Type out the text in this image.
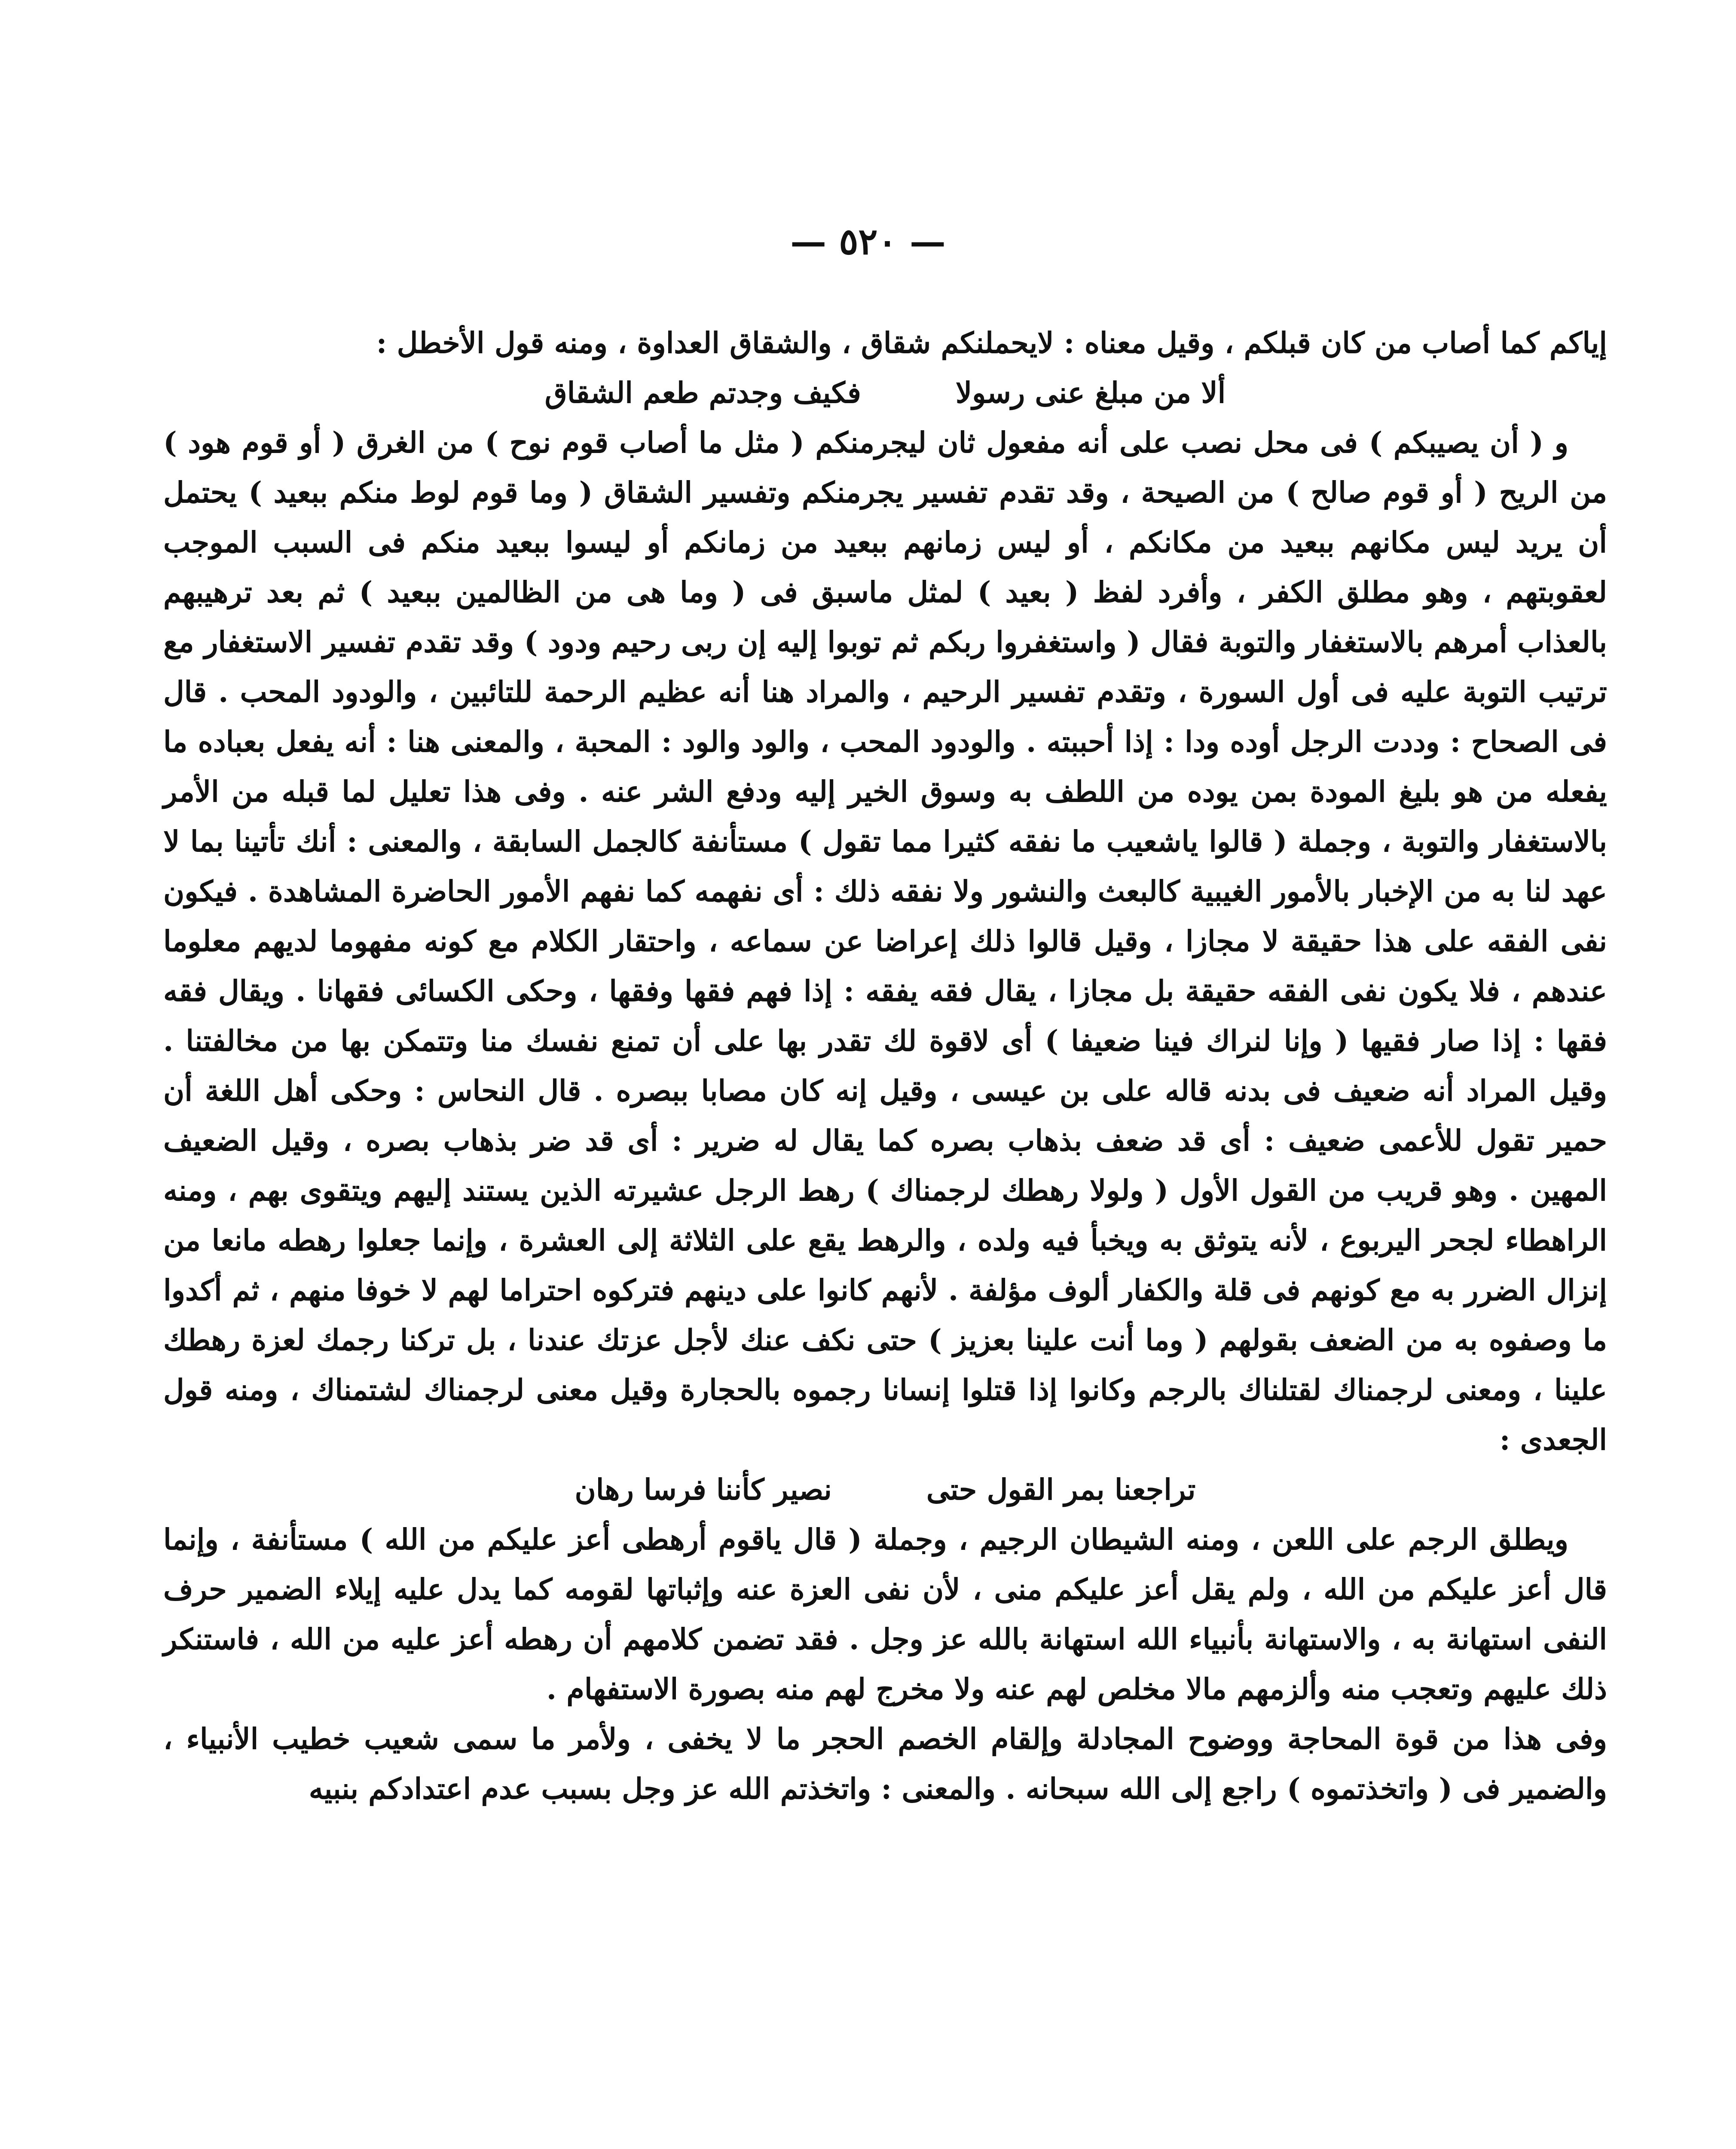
— ٥٢٠ —

إياكم كما أصاب من كان قبلكم ، وقيل معناه : لايحملنكم شقاق ، والشقاق العداوة ، ومنه قول الأخطل :

ألا من مبلغ عنى رسولا
فكيف وجدتم طعم الشقاق

و ( أن يصيبكم ) فى محل نصب على أنه مفعول ثان ليجرمنكم ( مثل ما أصاب قوم نوح ) من الغرق ( أو قوم هود ) من الريح ( أو قوم صالح ) من الصيحة ، وقد تقدم تفسير يجرمنكم وتفسير الشقاق ( وما قوم لوط منكم ببعيد ) يحتمل أن يريد ليس مكانهم ببعيد من مكانكم ، أو ليس زمانهم ببعيد من زمانكم أو ليسوا ببعيد منكم فى السبب الموجب لعقوبتهم ، وهو مطلق الكفر ، وأفرد لفظ ( بعيد ) لمثل ماسبق فى ( وما هى من الظالمين ببعيد ) ثم بعد ترهيبهم بالعذاب أمرهم بالاستغفار والتوبة فقال ( واستغفروا ربكم ثم توبوا إليه إن ربى رحيم ودود ) وقد تقدم تفسير الاستغفار مع ترتيب التوبة عليه فى أول السورة ، وتقدم تفسير الرحيم ، والمراد هنا أنه عظيم الرحمة للتائبين ، والودود المحب . قال فى الصحاح : وددت الرجل أوده ودا : إذا أحببته . والودود المحب ، والود والود : المحبة ، والمعنى هنا : أنه يفعل بعباده ما يفعله من هو بليغ المودة بمن يوده من اللطف به وسوق الخير إليه ودفع الشر عنه . وفى هذا تعليل لما قبله من الأمر بالاستغفار والتوبة ، وجملة ( قالوا ياشعيب ما نفقه كثيرا مما تقول ) مستأنفة كالجمل السابقة ، والمعنى : أنك تأتينا بما لا عهد لنا به من الإخبار بالأمور الغيبية كالبعث والنشور ولا نفقه ذلك : أى نفهمه كما نفهم الأمور الحاضرة المشاهدة . فيكون نفى الفقه على هذا حقيقة لا مجازا ، وقيل قالوا ذلك إعراضا عن سماعه ، واحتقار الكلام مع كونه مفهوما لديهم معلوما عندهم ، فلا يكون نفى الفقه حقيقة بل مجازا ، يقال فقه يفقه : إذا فهم فقها وفقها ، وحكى الكسائى فقهانا . ويقال فقه فقها : إذا صار فقيها ( وإنا لنراك فينا ضعيفا ) أى لاقوة لك تقدر بها على أن تمنع نفسك منا وتتمكن بها من مخالفتنا . وقيل المراد أنه ضعيف فى بدنه قاله على بن عيسى ، وقيل إنه كان مصابا ببصره . قال النحاس : وحكى أهل اللغة أن حمير تقول للأعمى ضعيف : أى قد ضعف بذهاب بصره كما يقال له ضرير : أى قد ضر بذهاب بصره ، وقيل الضعيف المهين . وهو قريب من القول الأول ( ولولا رهطك لرجمناك ) رهط الرجل عشيرته الذين يستند إليهم ويتقوى بهم ، ومنه الراهطاء لجحر اليربوع ، لأنه يتوثق به ويخبأ فيه ولده ، والرهط يقع على الثلاثة إلى العشرة ، وإنما جعلوا رهطه مانعا من إنزال الضرر به مع كونهم فى قلة والكفار ألوف مؤلفة . لأنهم كانوا على دينهم فتركوه احتراما لهم لا خوفا منهم ، ثم أكدوا ما وصفوه به من الضعف بقولهم ( وما أنت علينا بعزيز ) حتى نكف عنك لأجل عزتك عندنا ، بل تركنا رجمك لعزة رهطك علينا ، ومعنى لرجمناك لقتلناك بالرجم وكانوا إذا قتلوا إنسانا رجموه بالحجارة وقيل معنى لرجمناك لشتمناك ، ومنه قول الجعدى :

تراجعنا بمر القول حتى
نصير كأننا فرسا رهان

ويطلق الرجم على اللعن ، ومنه الشيطان الرجيم ، وجملة ( قال ياقوم أرهطى أعز عليكم من الله ) مستأنفة ، وإنما قال أعز عليكم من الله ، ولم يقل أعز عليكم منى ، لأن نفى العزة عنه وإثباتها لقومه كما يدل عليه إيلاء الضمير حرف النفى استهانة به ، والاستهانة بأنبياء الله استهانة بالله عز وجل . فقد تضمن كلامهم أن رهطه أعز عليه من الله ، فاستنكر ذلك عليهم وتعجب منه وألزمهم مالا مخلص لهم عنه ولا مخرج لهم منه بصورة الاستفهام .

وفى هذا من قوة المحاجة ووضوح المجادلة وإلقام الخصم الحجر ما لا يخفى ، ولأمر ما سمى شعيب خطيب الأنبياء ، والضمير فى ( واتخذتموه ) راجع إلى الله سبحانه . والمعنى : واتخذتم الله عز وجل بسبب عدم اعتدادكم بنبيه
